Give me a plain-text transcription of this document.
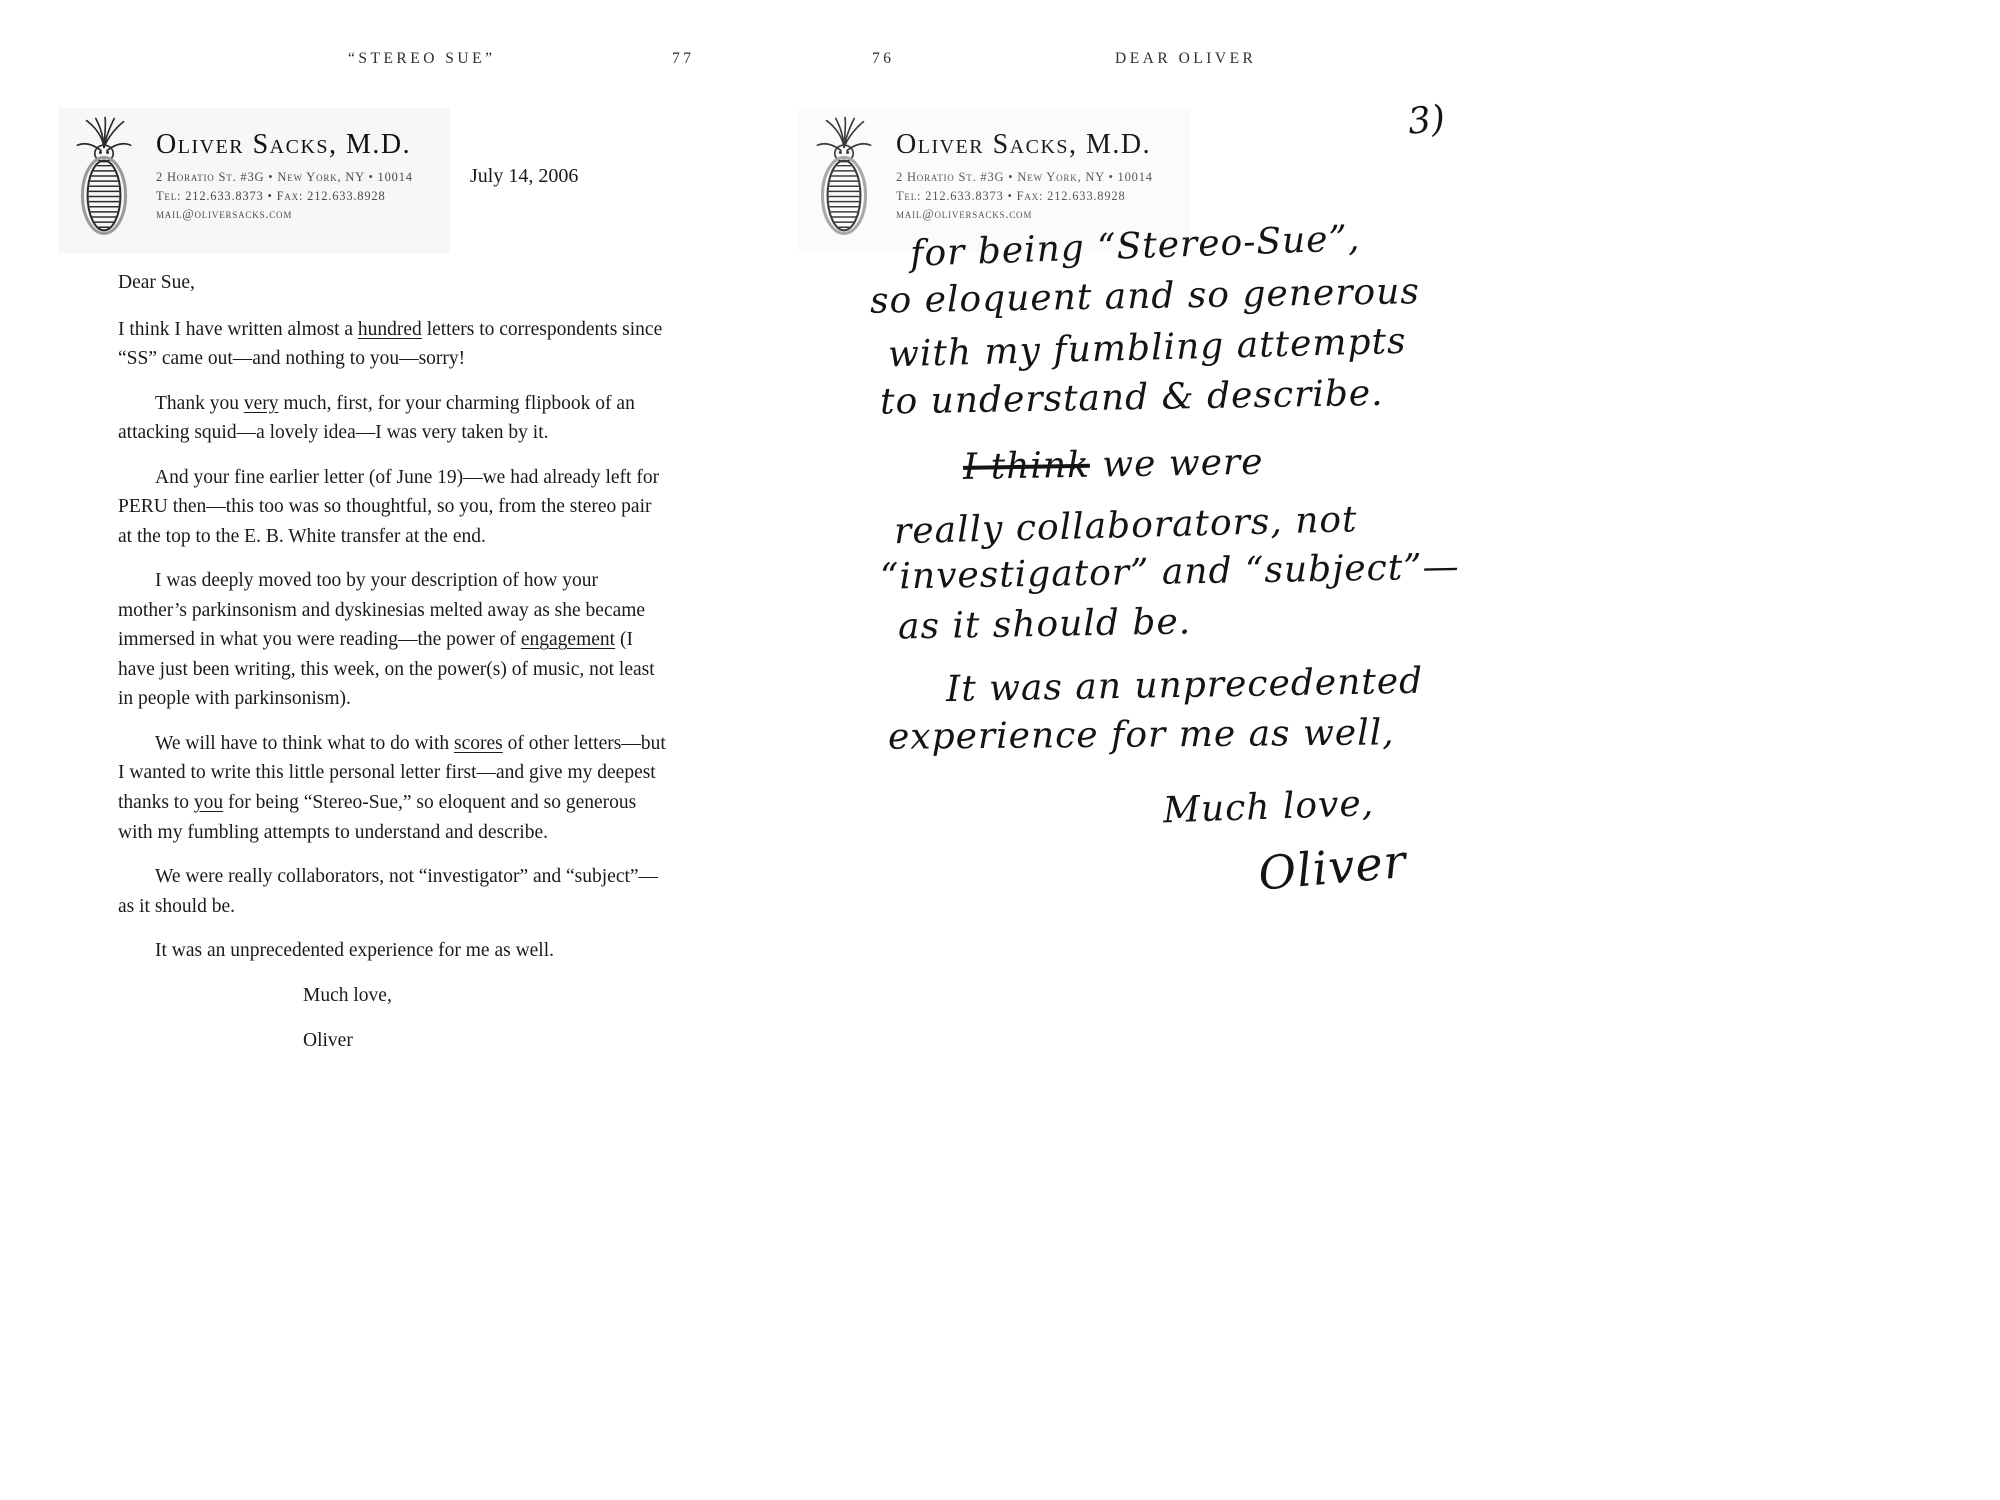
“STEREO SUE”	77
Oliver Sacks, M.D.
2 Horatio St. #3G • New York, NY • 10014
Tel: 212.633.8373 • Fax: 212.633.8928
mail@oliversacks.com
July 14, 2006
Dear Sue,

I think I have written almost a hundred letters to correspondents since “SS” came out—and nothing to you—sorry!

Thank you very much, first, for your charming flipbook of an attacking squid—a lovely idea—I was very taken by it.

And your fine earlier letter (of June 19)—we had already left for PERU then—this too was so thoughtful, so you, from the stereo pair at the top to the E. B. White transfer at the end.

I was deeply moved too by your description of how your mother’s parkinsonism and dyskinesias melted away as she became immersed in what you were reading—the power of engagement (I have just been writing, this week, on the power(s) of music, not least in people with parkinsonism).

We will have to think what to do with scores of other letters—but I wanted to write this little personal letter first—and give my deepest thanks to you for being “Stereo-Sue,” so eloquent and so generous with my fumbling attempts to understand and describe.

We were really collaborators, not “investigator” and “subject”—as it should be.

It was an unprecedented experience for me as well.

Much love,
Oliver
76	DEAR OLIVER
Oliver Sacks, M.D.
2 Horatio St. #3G • New York, NY • 10014
Tel: 212.633.8373 • Fax: 212.633.8928
mail@oliversacks.com
3)
for being “Stereo-Sue”,
so eloquent and so generous
with my fumbling attempts
to understand & describe.
I think we were
really collaborators, not
“investigator” and “subject”—
as it should be.
It was an unprecedented
experience for me as well,
Much love,
Oliver
